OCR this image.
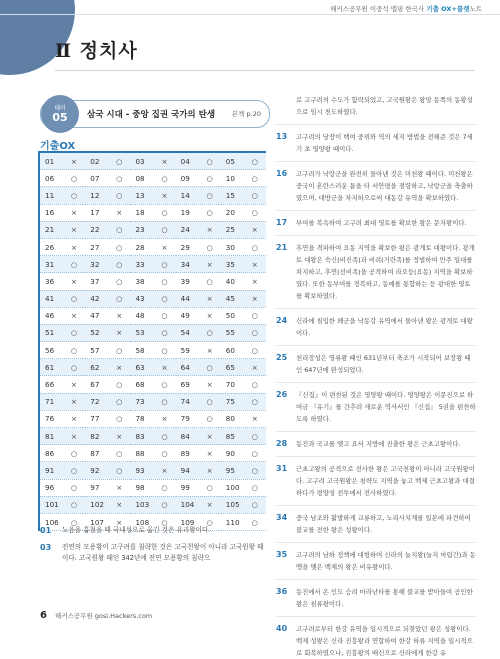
해커스공무원 이중석 맵핑 한국사 기출 OX+불렛노트
Ⅱ 정치사
테마
05	삼국 시대 - 중앙 집권 국가의 탄생	본책 p.20
기출OX
01 ×	02 ○	03 ×	04 ○	05 ○
06 ○	07 ○	08 ○	09 ○	10 ○
11 ○	12 ○	13 ×	14 ○	15 ○
16 ×	17 ×	18 ○	19 ○	20 ○
21 ×	22 ○	23 ○	24 ×	25 ×
26 ×	27 ○	28 ×	29 ○	30 ○
31 ○	32 ○	33 ○	34 ×	35 ×
36 ×	37 ○	38 ○	39 ○	40 ×
41 ○	42 ○	43 ○	44 ×	45 ×
46 ×	47 ×	48 ○	49 ×	50 ○
51 ○	52 ×	53 ○	54 ○	55 ○
56 ○	57 ○	58 ○	59 ×	60 ○
61 ○	62 ×	63 ×	64 ○	65 ×
66 ×	67 ○	68 ○	69 ×	70 ○
71 ×	72 ○	73 ○	74 ○	75 ○
76 ×	77 ○	78 ×	79 ○	80 ×
81 ×	82 ×	83 ○	84 ×	85 ○
86 ○	87 ○	88 ○	89 ×	90 ○
91 ○	92 ○	93 ×	94 ×	95 ○
96 ○	97 ×	98 ○	99 ○	100 ○
101 ○	102 ×	103 ○	104 ×	105 ○
106 ○	107 ×	108 ○	109 ○	110 ○
01 노음을 훔쳤을 때 국내성으로 옮긴 것은 유리왕이다.
03 전연의 모용황이 고구려를 침략한 것은 고국천왕이 아니라 고국원왕 때이다. 고국원왕 때인 342년에 전연 모용황의 침략으
로 고구려의 수도가 함락되었고, 고국원왕은 왕망 동쪽의 동황성으로 임시 천도하였다.
13 고구려의 당장이 백여 중위와 역의 세지 방법을 전해준 것은 7세기 초 영양왕 때이다.
16 고구려가 낙랑군을 완전히 몰아낸 것은 미천왕 때이다. 미천왕은 중국이 혼란스러운 틈을 타 서안평을 점령하고, 낙랑군을 축출하였으며, 대방군을 차지하으로써 대동강 유역을 확보하였다.
17 부여를 복속하여 고구려 최대 영토를 확보한 왕은 문자왕이다.
21 후연을 격파하여 요동 지역을 확보한 왕은 광개토 대왕이다. 광개토 대왕은 숙신(비진족)과 비려(거란족)를 정벌하여 만주 일대를 차지하고, 후연(선비족)을 공격하여 라오둥(요동) 지역을 확보하였다. 또한 동부여를 정복하고, 동예를 통합하는 등 광대한 영토를 확보하였다.
24 신라에 침입한 왜군을 낙동강 유역에서 몰아낸 왕은 광개토 대왕이다.
25 천리장성은 영류왕 때인 631년부터 축조가 시작되어 보장왕 때인 647년에 완성되었다.
26 『신집』이 편찬된 것은 영양왕 때이다. 영양왕은 이문진으로 하여금 『유기』를 간추려 새로운 역사서인 『신집』 5권을 편찬하도록 하였다.
28 동진과 국교를 맺고 요서 지방에 진출한 왕은 근초고왕이다.
31 근초고왕의 공격으로 전사한 왕은 고국천왕이 아니라 고국원왕이다. 고구려 고국원왕은 침략도 지역을 놓고 백제 근초고왕과 대결하다가 평양성 전투에서 전사하였다.
34 중국 남조와 활발하게 교류하고, 노리사치계를 일본에 파견하여 불교를 전한 왕은 성왕이다.
35 고구려의 남하 정책에 대항하여 신라의 눌지왕(눌지 마립간)과 동맹을 맺은 백제의 왕은 비유왕이다.
36 동진에서 온 인도 승려 마라난타를 통해 불교를 받아들여 공인한 왕은 침류왕이다.
40 고구려로부터 한강 유역을 일시적으로 되찾았던 왕은 성왕이다. 백제 성왕은 신라 진흥왕과 연합하여 한강 하류 지역을 일시적으로 회복하였으나, 진흥왕의 배신으로 신라에게 한강 유
6 해커스공무원 gosi.Hackers.com
